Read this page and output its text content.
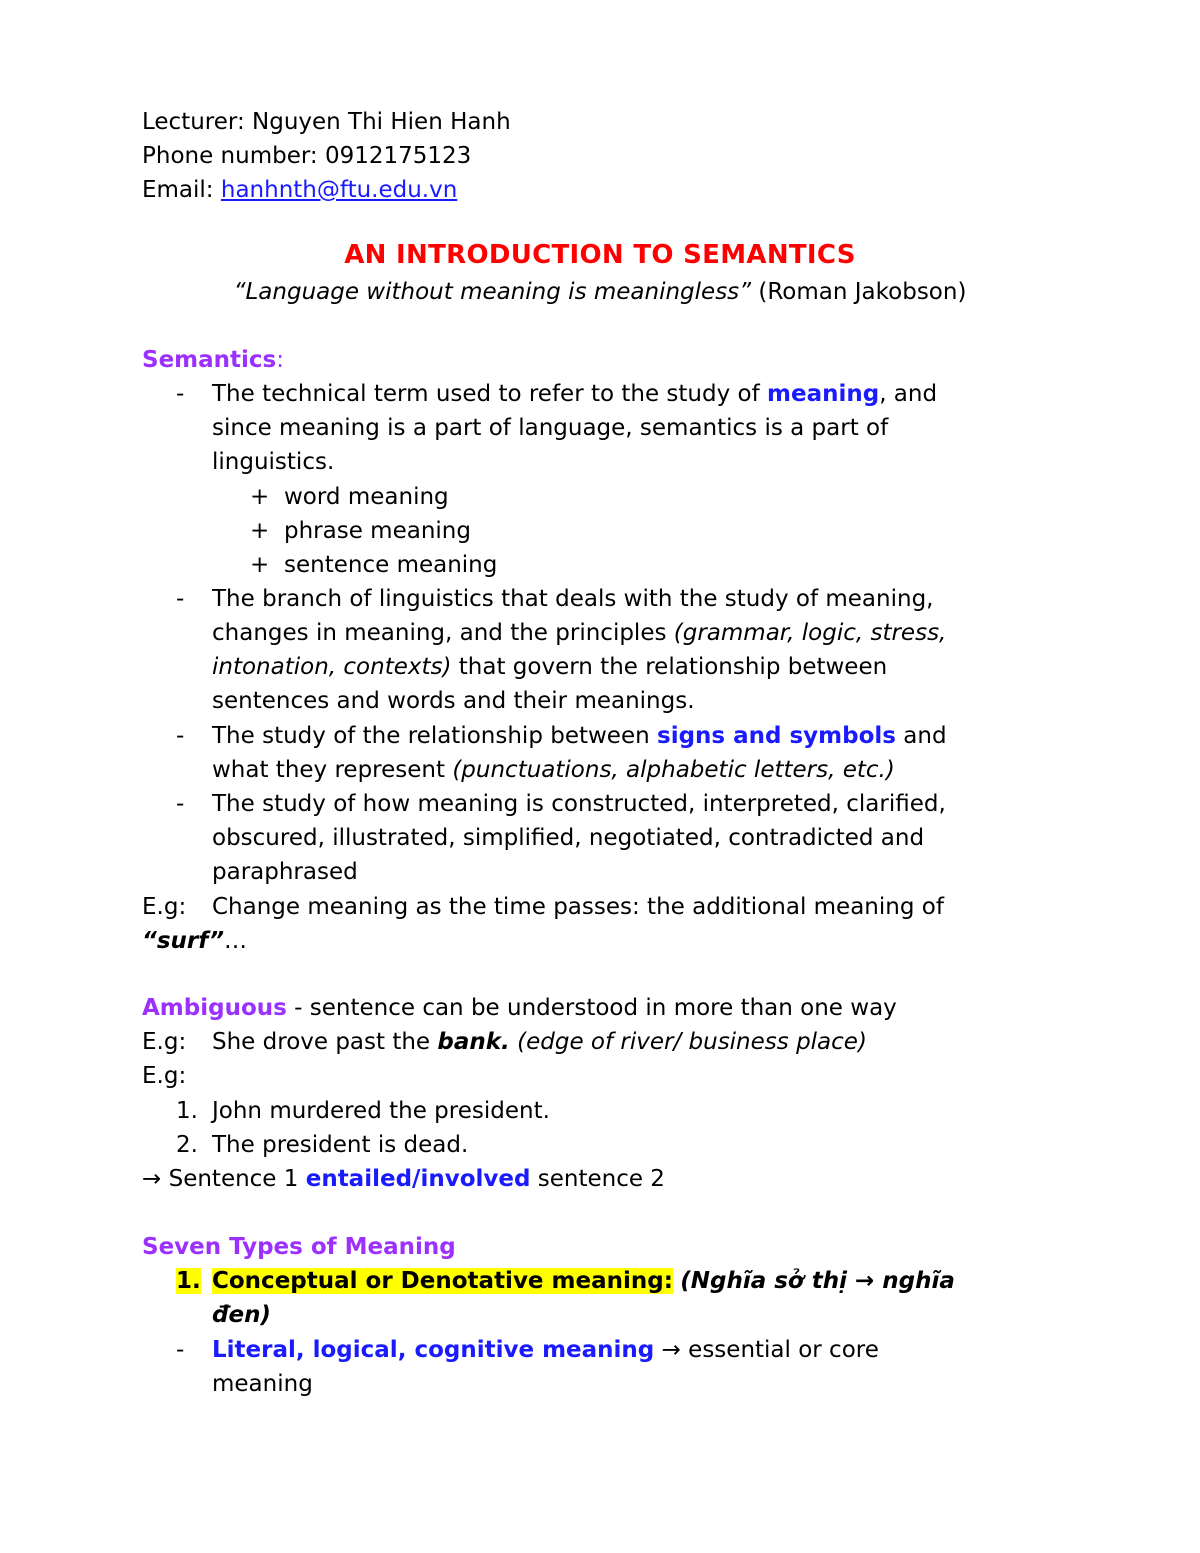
Lecturer: Nguyen Thi Hien Hanh
Phone number: 0912175123
Email: hanhnth@ftu.edu.vn
AN INTRODUCTION TO SEMANTICS
“Language without meaning is meaningless” (Roman Jakobson)
Semantics:
- The technical term used to refer to the study of meaning, and
since meaning is a part of language, semantics is a part of
linguistics.
+ word meaning
+ phrase meaning
+ sentence meaning
- The branch of linguistics that deals with the study of meaning,
changes in meaning, and the principles (grammar, logic, stress,
intonation, contexts) that govern the relationship between
sentences and words and their meanings.
- The study of the relationship between signs and symbols and
what they represent (punctuations, alphabetic letters, etc.)
- The study of how meaning is constructed, interpreted, clarified,
obscured, illustrated, simplified, negotiated, contradicted and
paraphrased
E.g: Change meaning as the time passes: the additional meaning of
“surf”…
Ambiguous - sentence can be understood in more than one way
E.g: She drove past the bank. (edge of river/ business place)
E.g:
1. John murdered the president.
2. The president is dead.
→ Sentence 1 entailed/involved sentence 2
Seven Types of Meaning
1. Conceptual or Denotative meaning: (Nghĩa sở thị → nghĩa
đen)
- Literal, logical, cognitive meaning → essential or core
meaning
